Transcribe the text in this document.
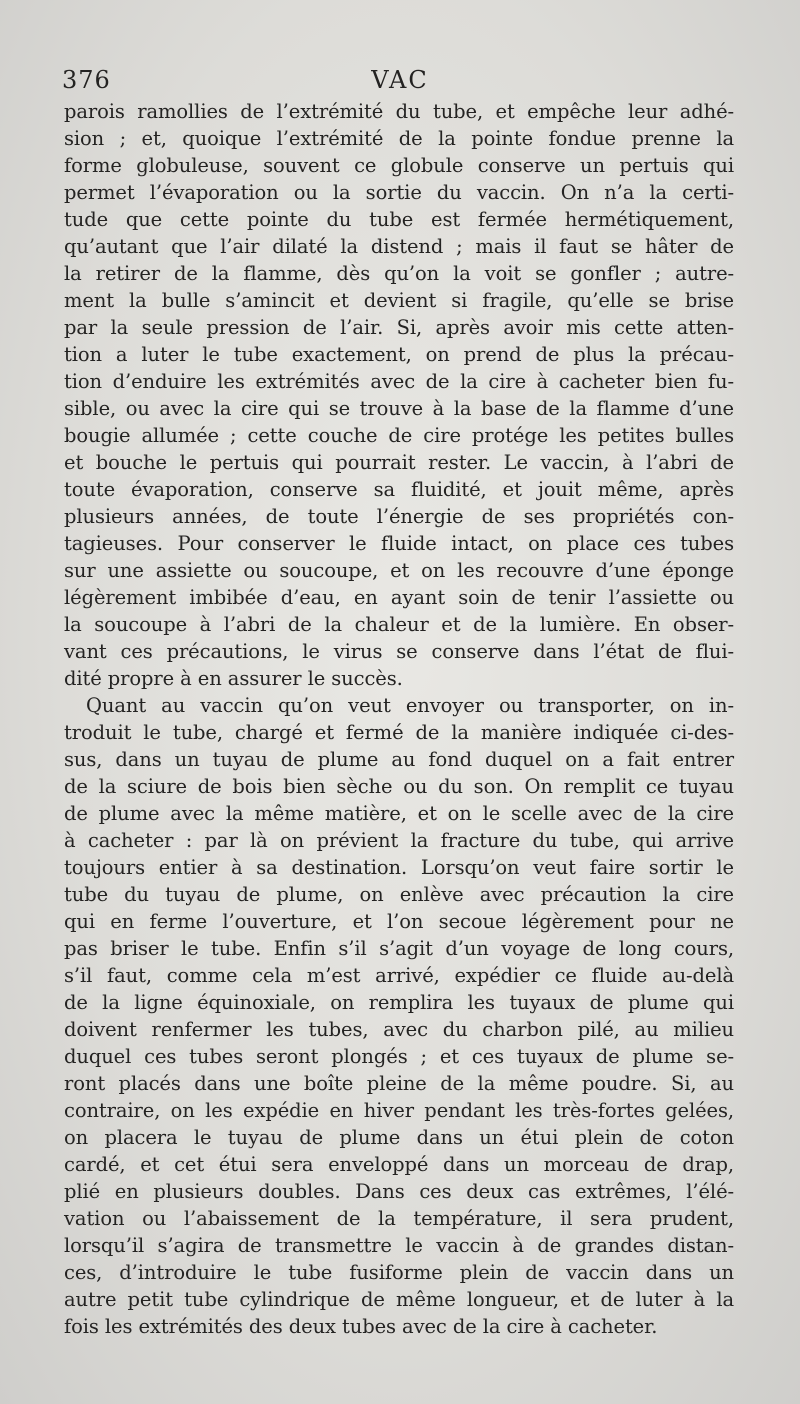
376	VAC
parois ramollies de l’extrémité du tube, et empêche leur adhé-
sion ; et, quoique l’extrémité de la pointe fondue prenne la
forme globuleuse, souvent ce globule conserve un pertuis qui
permet l’évaporation ou la sortie du vaccin. On n’a la certi-
tude que cette pointe du tube est fermée hermétiquement,
qu’autant que l’air dilaté la distend ; mais il faut se hâter de
la retirer de la flamme, dès qu’on la voit se gonfler ; autre-
ment la bulle s’amincit et devient si fragile, qu’elle se brise
par la seule pression de l’air. Si, après avoir mis cette atten-
tion a luter le tube exactement, on prend de plus la précau-
tion d’enduire les extrémités avec de la cire à cacheter bien fu-
sible, ou avec la cire qui se trouve à la base de la flamme d’une
bougie allumée ; cette couche de cire protége les petites bulles
et bouche le pertuis qui pourrait rester. Le vaccin, à l’abri de
toute évaporation, conserve sa fluidité, et jouit même, après
plusieurs années, de toute l’énergie de ses propriétés con-
tagieuses. Pour conserver le fluide intact, on place ces tubes
sur une assiette ou soucoupe, et on les recouvre d’une éponge
légèrement imbibée d’eau, en ayant soin de tenir l’assiette ou
la soucoupe à l’abri de la chaleur et de la lumière. En obser-
vant ces précautions, le virus se conserve dans l’état de flui-
dité propre à en assurer le succès.
Quant au vaccin qu’on veut envoyer ou transporter, on in-
troduit le tube, chargé et fermé de la manière indiquée ci-des-
sus, dans un tuyau de plume au fond duquel on a fait entrer
de la sciure de bois bien sèche ou du son. On remplit ce tuyau
de plume avec la même matière, et on le scelle avec de la cire
à cacheter : par là on prévient la fracture du tube, qui arrive
toujours entier à sa destination. Lorsqu’on veut faire sortir le
tube du tuyau de plume, on enlève avec précaution la cire
qui en ferme l’ouverture, et l’on secoue légèrement pour ne
pas briser le tube. Enfin s’il s’agit d’un voyage de long cours,
s’il faut, comme cela m’est arrivé, expédier ce fluide au-delà
de la ligne équinoxiale, on remplira les tuyaux de plume qui
doivent renfermer les tubes, avec du charbon pilé, au milieu
duquel ces tubes seront plongés ; et ces tuyaux de plume se-
ront placés dans une boîte pleine de la même poudre. Si, au
contraire, on les expédie en hiver pendant les très-fortes gelées,
on placera le tuyau de plume dans un étui plein de coton
cardé, et cet étui sera enveloppé dans un morceau de drap,
plié en plusieurs doubles. Dans ces deux cas extrêmes, l’élé-
vation ou l’abaissement de la température, il sera prudent,
lorsqu’il s’agira de transmettre le vaccin à de grandes distan-
ces, d’introduire le tube fusiforme plein de vaccin dans un
autre petit tube cylindrique de même longueur, et de luter à la
fois les extrémités des deux tubes avec de la cire à cacheter.
